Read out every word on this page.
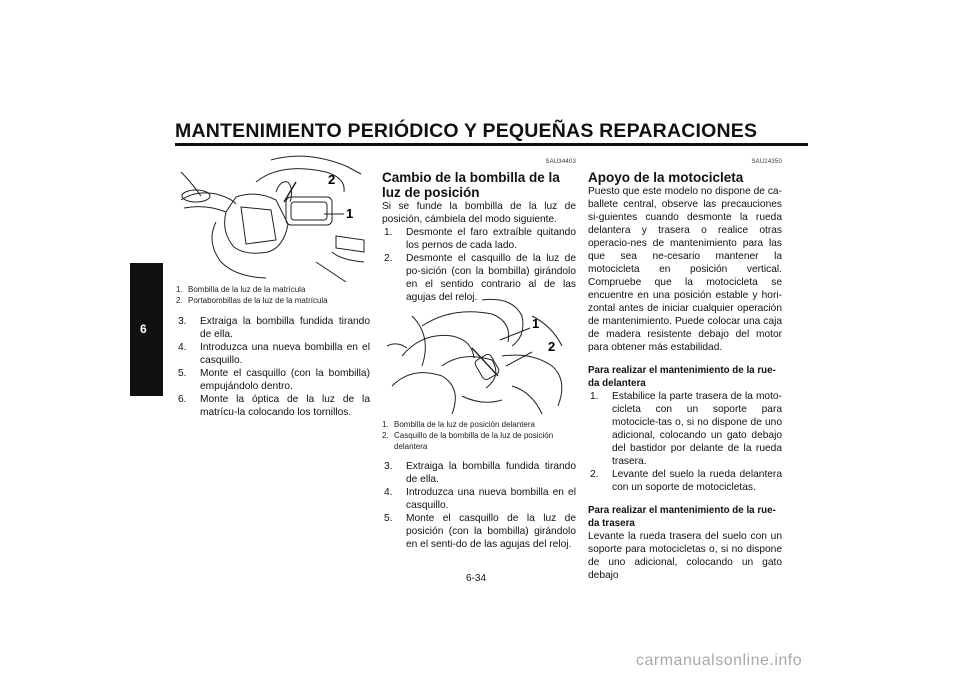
MANTENIMIENTO PERIÓDICO Y PEQUEÑAS REPARACIONES
6
2
1
1. Bombilla de la luz de la matrícula
2. Portabombillas de la luz de la matrícula
3.	Extraiga la bombilla fundida tirando de ella.
4.	Introduzca una nueva bombilla en el casquillo.
5.	Monte el casquillo (con la bombilla) empujándolo dentro.
6.	Monte la óptica de la luz de la matrícu-la colocando los tornillos.
SAU34403
Cambio de la bombilla de la luz de posición

Si se funde la bombilla de la luz de posición, cámbiela del modo siguiente.

1.	Desmonte el faro extraíble quitando los pernos de cada lado.
2.	Desmonte el casquillo de la luz de po-sición (con la bombilla) girándolo en el sentido contrario al de las agujas del reloj.
1
2
1. Bombilla de la luz de posición delantera
2. Casquillo de la bombilla de la luz de posición delantera
3.	Extraiga la bombilla fundida tirando de ella.
4.	Introduzca una nueva bombilla en el casquillo.
5.	Monte el casquillo de la luz de posición (con la bombilla) girándolo en el senti-do de las agujas del reloj.
SAU24350
Apoyo de la motocicleta

Puesto que este modelo no dispone de ca-ballete central, observe las precauciones si-guientes cuando desmonte la rueda delantera y trasera o realice otras operacio-nes de mantenimiento para las que sea ne-cesario mantener la motocicleta en posición vertical. Compruebe que la motocicleta se encuentre en una posición estable y hori-zontal antes de iniciar cualquier operación de mantenimiento. Puede colocar una caja de madera resistente debajo del motor para obtener más estabilidad.

Para realizar el mantenimiento de la rue-da delantera
1.	Estabilice la parte trasera de la moto-cicleta con un soporte para motocicle-tas o, si no dispone de uno adicional, colocando un gato debajo del bastidor por delante de la rueda trasera.
2.	Levante del suelo la rueda delantera con un soporte de motocicletas.
Para realizar el mantenimiento de la rue-da trasera

Levante la rueda trasera del suelo con un soporte para motocicletas o, si no dispone de uno adicional, colocando un gato debajo

6-34
carmanualsonline.info
